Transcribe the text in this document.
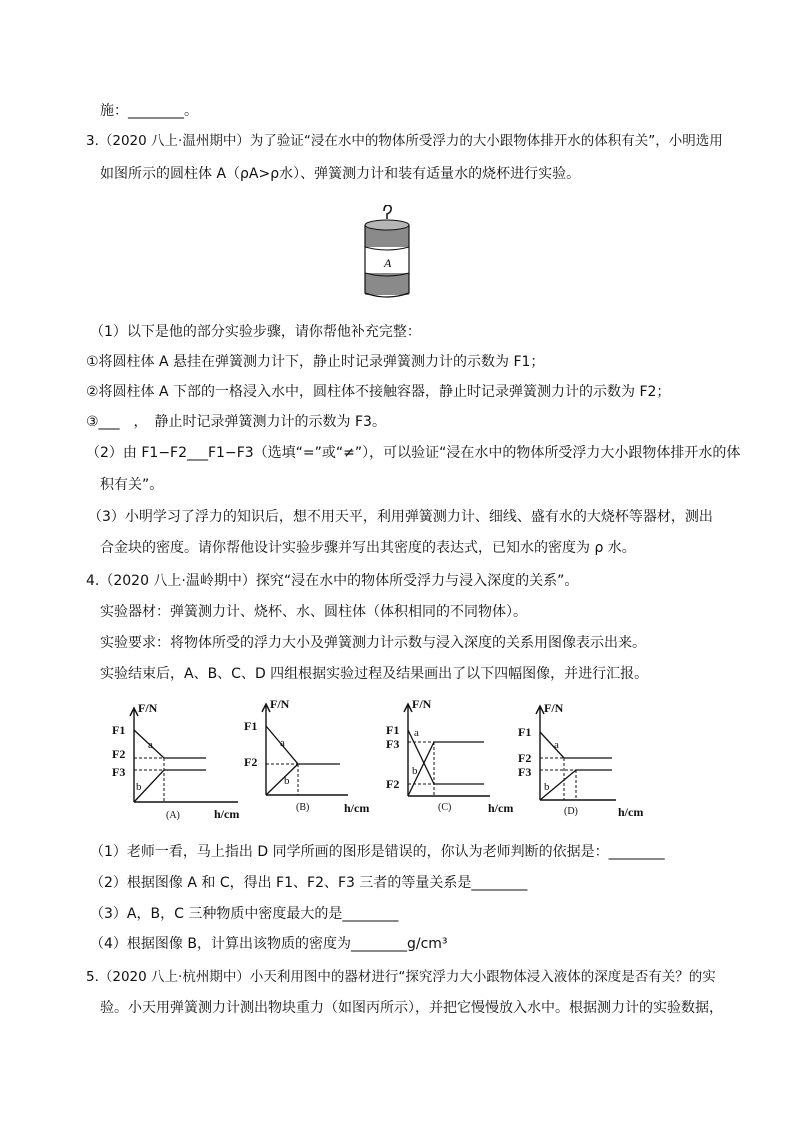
施：________。
3.（2020 八上·温州期中）为了验证“浸在水中的物体所受浮力的大小跟物体排开水的体积有关”，小明选用
如图所示的圆柱体 A（ρA>ρ水）、弹簧测力计和装有适量水的烧杯进行实验。
A
（1）以下是他的部分实验步骤，请你帮他补充完整：
①将圆柱体 A 悬挂在弹簧测力计下，静止时记录弹簧测力计的示数为 F1；
②将圆柱体 A 下部的一格浸入水中，圆柱体不接触容器，静止时记录弹簧测力计的示数为 F2；
③___　，　静止时记录弹簧测力计的示数为 F3。
（2）由 F1−F2___F1−F3（选填“=”或“≠”），可以验证“浸在水中的物体所受浮力大小跟物体排开水的体
积有关”。
（3）小明学习了浮力的知识后，想不用天平，利用弹簧测力计、细线、盛有水的大烧杯等器材，测出
合金块的密度。请你帮他设计实验步骤并写出其密度的表达式，已知水的密度为 ρ 水。
4.（2020 八上·温岭期中）探究“浸在水中的物体所受浮力与浸入深度的关系”。
实验器材：弹簧测力计、烧杯、水、圆柱体（体积相同的不同物体）。
实验要求：将物体所受的浮力大小及弹簧测力计示数与浸入深度的关系用图像表示出来。
实验结束后，A、B、C、D 四组根据实验过程及结果画出了以下四幅图像，并进行汇报。
F/N
F1
F2
F3
a
b
(A)	h/cm
F/N
F1
F2
a
b
(B)	h/cm
F/N
F1
F3
F2
a
b
(C)	h/cm
F/N
F1
F2
F3
a
b
(D)	h/cm
（1）老师一看，马上指出 D 同学所画的图形是错误的，你认为老师判断的依据是：________
（2）根据图像 A 和 C，得出 F1、F2、F3 三者的等量关系是________
（3）A，B，C 三种物质中密度最大的是________
（4）根据图像 B，计算出该物质的密度为________g/cm³
5.（2020 八上·杭州期中）小天利用图中的器材进行“探究浮力大小跟物体浸入液体的深度是否有关？的实
验。小天用弹簧测力计测出物块重力（如图丙所示），并把它慢慢放入水中。根据测力计的实验数据，
